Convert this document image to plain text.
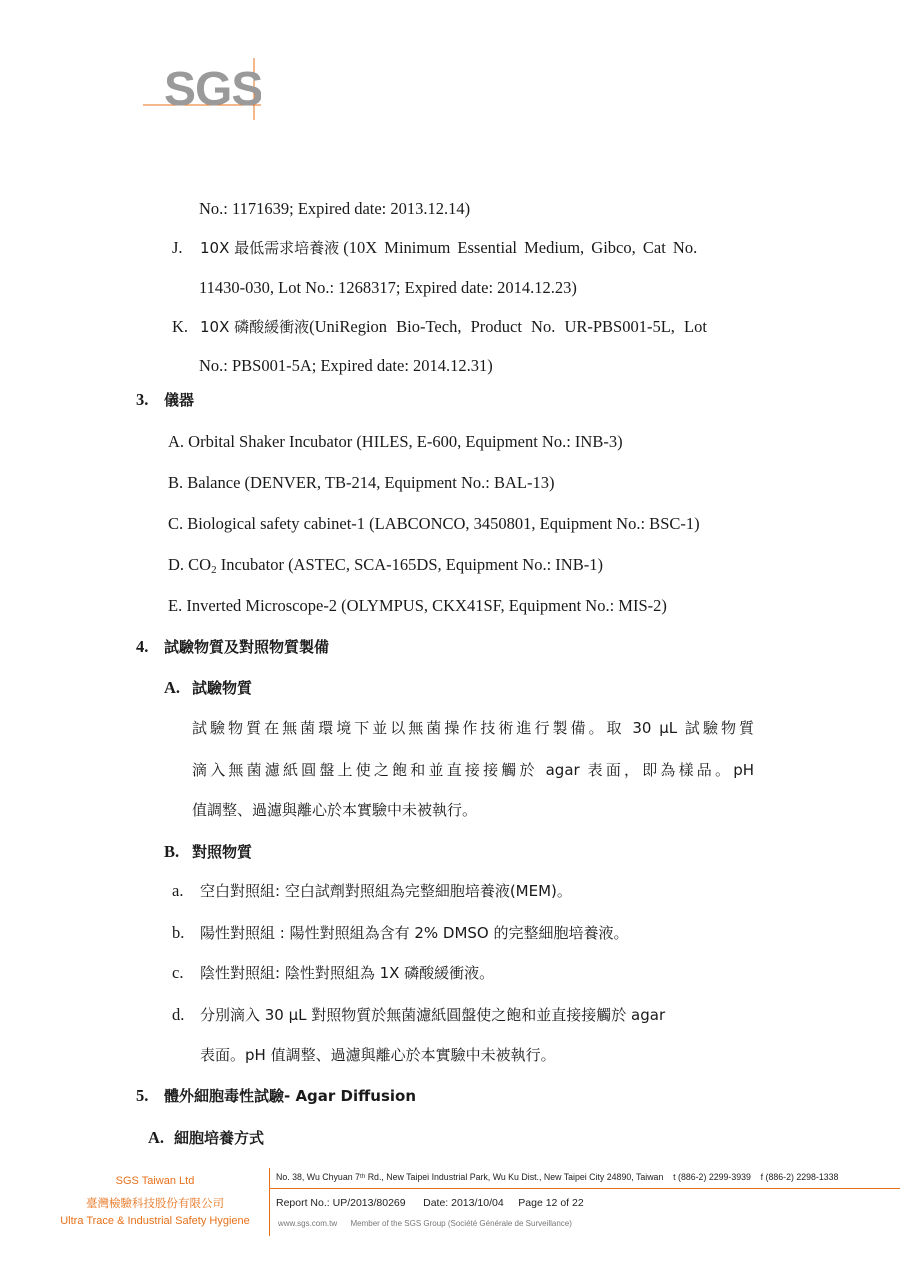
SGS
No.: 1171639; Expired date: 2013.12.14)
J. 10X 最低需求培養液 (10X Minimum Essential Medium, Gibco, Cat No.
11430-030, Lot No.: 1268317; Expired date: 2014.12.23)
K. 10X 磷酸緩衝液(UniRegion Bio-Tech, Product No. UR-PBS001-5L, Lot
No.: PBS001-5A; Expired date: 2014.12.31)
3. 儀器
A. Orbital Shaker Incubator (HILES, E-600, Equipment No.: INB-3)
B. Balance (DENVER, TB-214, Equipment No.: BAL-13)
C. Biological safety cabinet-1 (LABCONCO, 3450801, Equipment No.: BSC-1)
D. $CO_2$ Incubator (ASTEC, SCA-165DS, Equipment No.: INB-1)
E. Inverted Microscope-2 (OLYMPUS, CKX41SF, Equipment No.: MIS-2)
4. 試驗物質及對照物質製備
A. 試驗物質
試驗物質在無菌環境下並以無菌操作技術進行製備。取 30 μL 試驗物質
滴入無菌濾紙圓盤上使之飽和並直接接觸於 agar 表面，即為樣品。pH
值調整、過濾與離心於本實驗中未被執行。
B. 對照物質
a. 空白對照組: 空白試劑對照組為完整細胞培養液(MEM)。
b. 陽性對照組 : 陽性對照組為含有 2% DMSO 的完整細胞培養液。
c. 陰性對照組: 陰性對照組為 1X 磷酸緩衝液。
d. 分別滴入 30 μL 對照物質於無菌濾紙圓盤使之飽和並直接接觸於 agar
表面。pH 值調整、過濾與離心於本實驗中未被執行。
5. 體外細胞毒性試驗- Agar Diffusion
A. 細胞培養方式
SGS Taiwan Ltd
臺灣檢驗科技股份有限公司
Ultra Trace & Industrial Safety Hygiene
No. 38, Wu Chyuan 7ᵗʰ Rd., New Taipei Industrial Park, Wu Ku Dist., New Taipei City 24890, Taiwan t (886-2) 2299-3939 f (886-2) 2298-1338
Report No.: UP/2013/80269 Date: 2013/10/04 Page 12 of 22
www.sgs.com.tw Member of the SGS Group (Société Générale de Surveillance)
